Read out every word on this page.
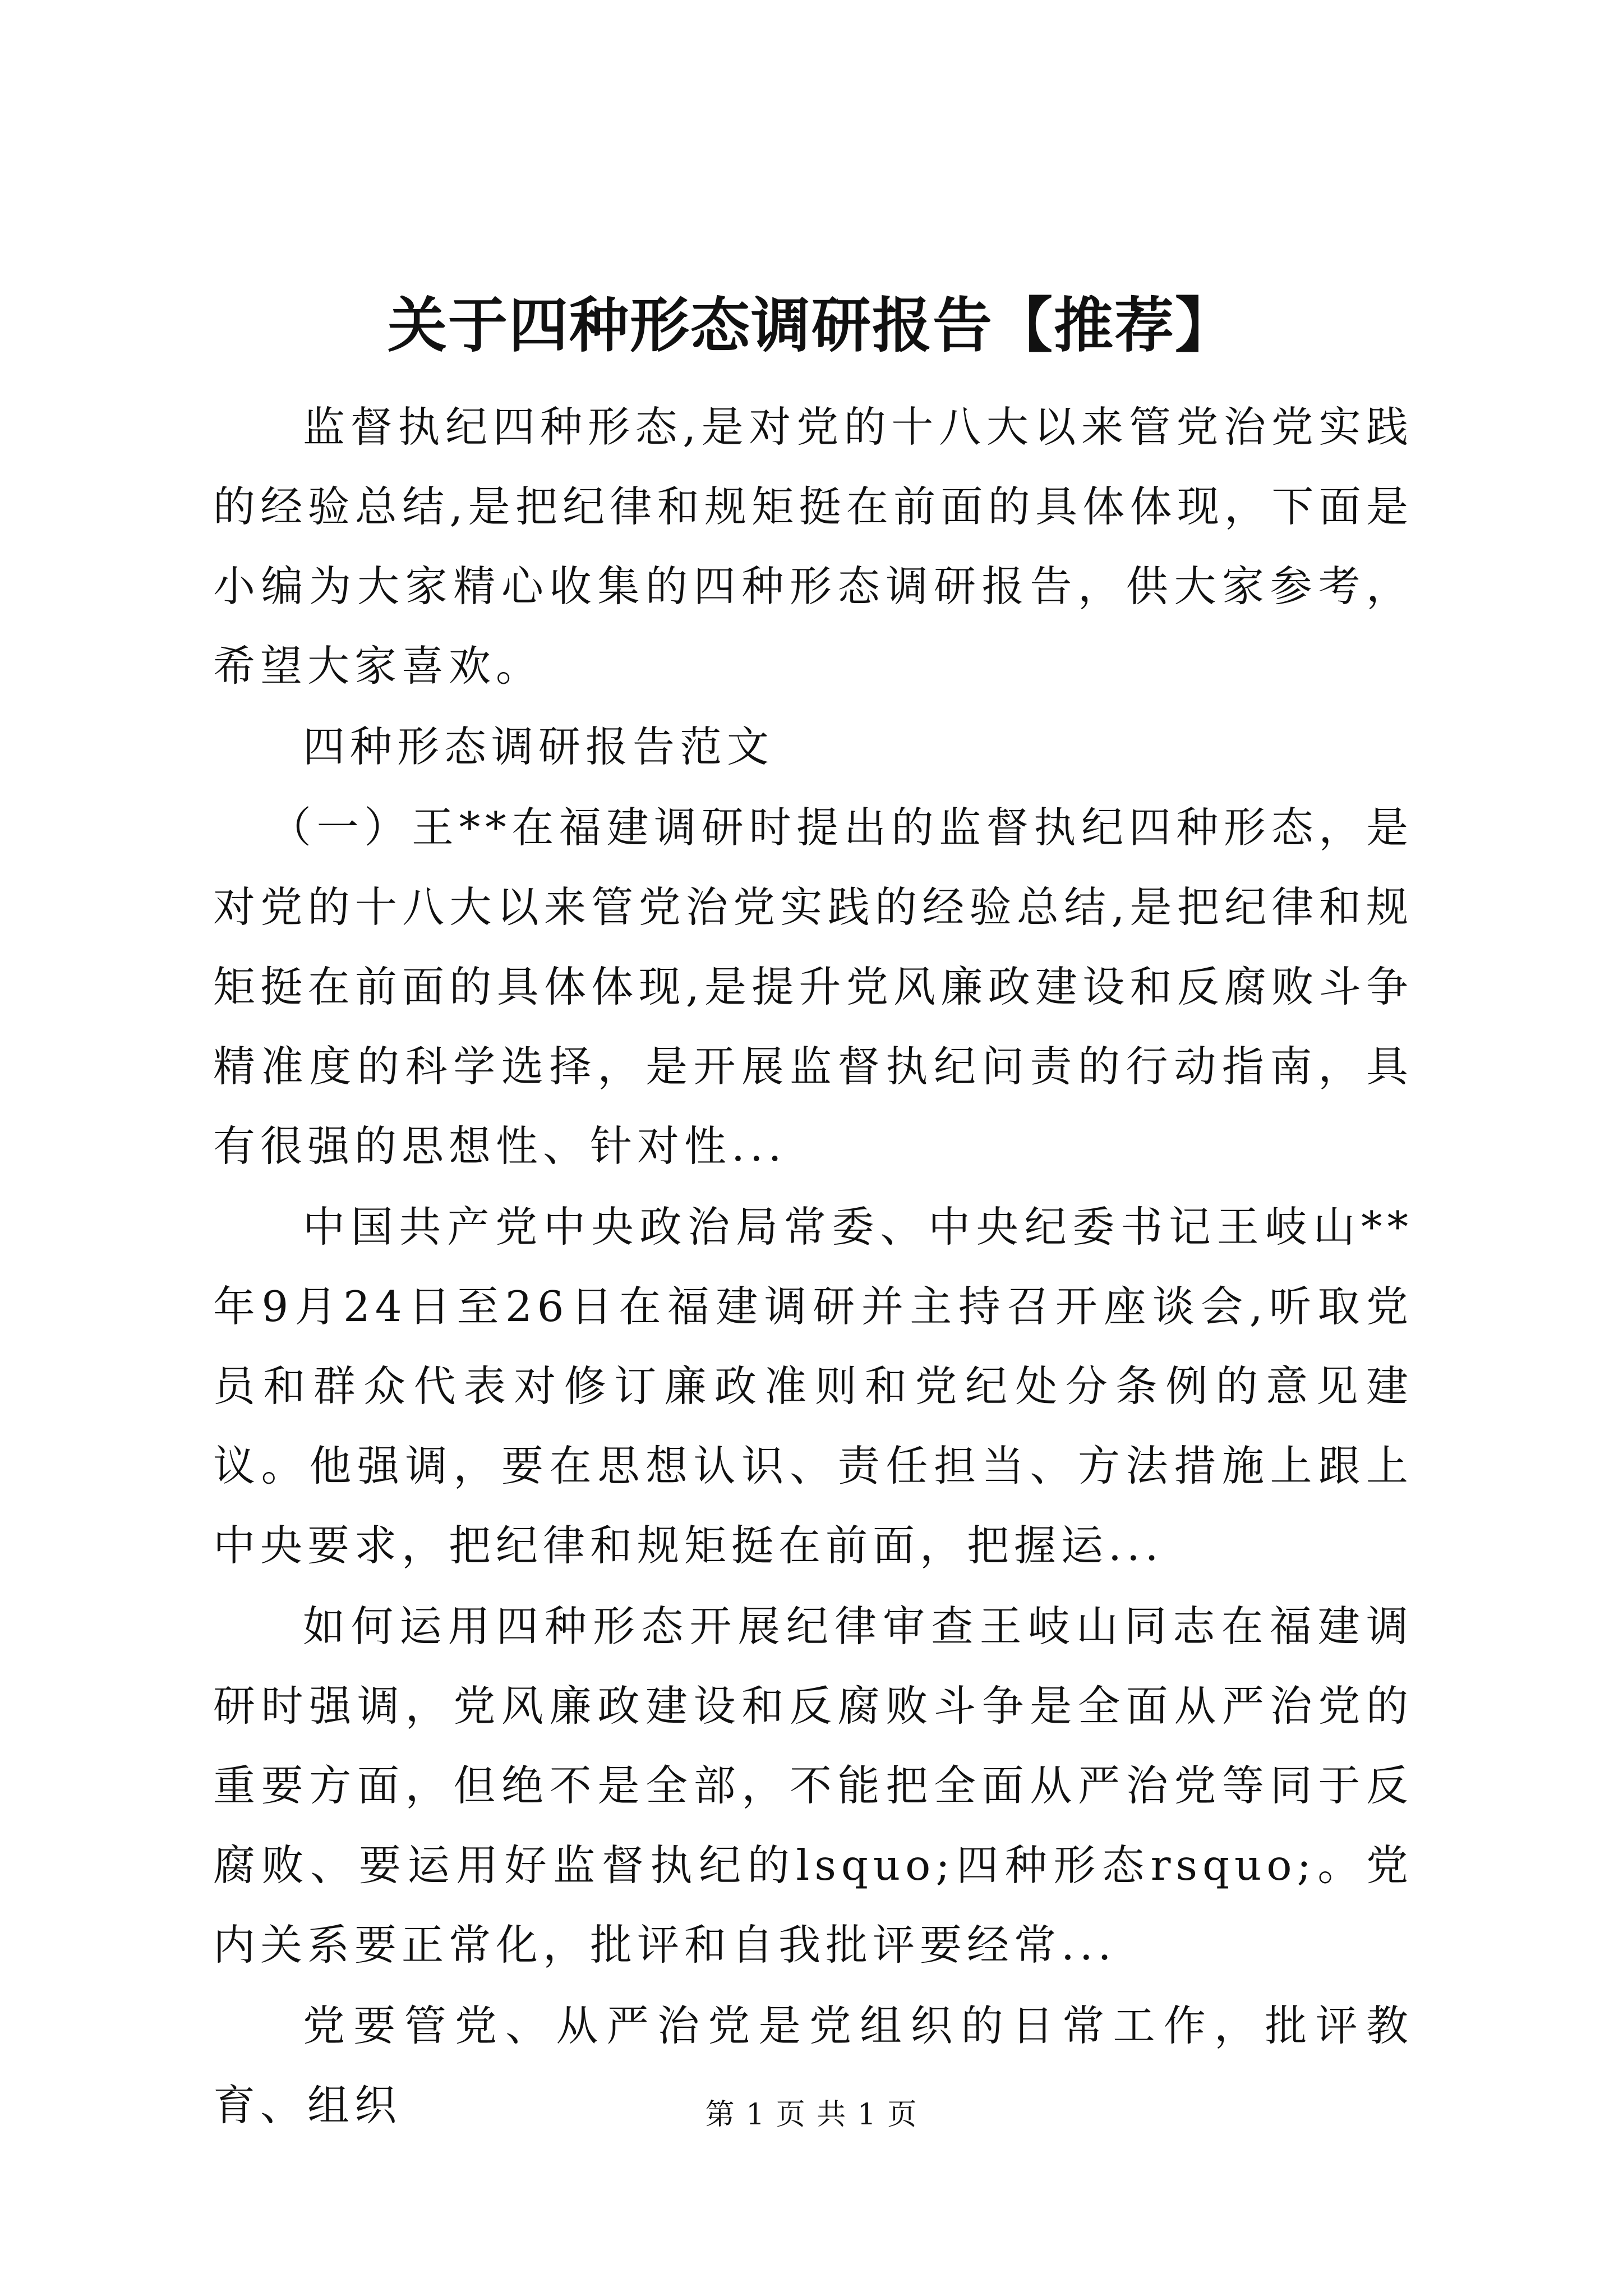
关于四种形态调研报告【推荐】

监督执纪四种形态,是对党的十八大以来管党治党实践的经验总结,是把纪律和规矩挺在前面的具体体现，下面是小编为大家精心收集的四种形态调研报告，供大家参考，希望大家喜欢。

四种形态调研报告范文

（一）王**在福建调研时提出的监督执纪四种形态，是对党的十八大以来管党治党实践的经验总结,是把纪律和规矩挺在前面的具体体现,是提升党风廉政建设和反腐败斗争精准度的科学选择，是开展监督执纪问责的行动指南，具有很强的思想性、针对性...

中国共产党中央政治局常委、中央纪委书记王岐山**年9月24日至26日在福建调研并主持召开座谈会,听取党员和群众代表对修订廉政准则和党纪处分条例的意见建议。他强调，要在思想认识、责任担当、方法措施上跟上中央要求，把纪律和规矩挺在前面，把握运...

如何运用四种形态开展纪律审查王岐山同志在福建调研时强调，党风廉政建设和反腐败斗争是全面从严治党的重要方面，但绝不是全部，不能把全面从严治党等同于反腐败、要运用好监督执纪的lsquo;四种形态rsquo;。党内关系要正常化，批评和自我批评要经常...

党要管党、从严治党是党组织的日常工作，批评教育、组织	第 1 页 共 1 页
